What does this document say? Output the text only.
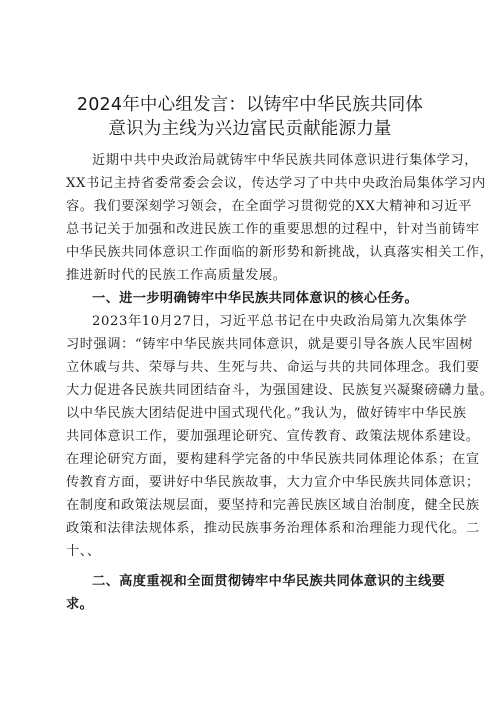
2024年中心组发言：以铸牢中华民族共同体
意识为主线为兴边富民贡献能源力量
近期中共中央政治局就铸牢中华民族共同体意识进行集体学习，
XX书记主持省委常委会会议，传达学习了中共中央政治局集体学习内
容。我们要深刻学习领会，在全面学习贯彻党的XX大精神和习近平
总书记关于加强和改进民族工作的重要思想的过程中，针对当前铸牢
中华民族共同体意识工作面临的新形势和新挑战，认真落实相关工作，
推进新时代的民族工作高质量发展。
一、进一步明确铸牢中华民族共同体意识的核心任务。
2023年10月27日，习近平总书记在中央政治局第九次集体学
习时强调：“铸牢中华民族共同体意识，就是要引导各族人民牢固树
立休戚与共、荣辱与共、生死与共、命运与共的共同体理念。我们要
大力促进各民族共同团结奋斗，为强国建设、民族复兴凝聚磅礴力量。
以中华民族大团结促进中国式现代化。”我认为，做好铸牢中华民族
共同体意识工作，要加强理论研究、宣传教育、政策法规体系建设。
在理论研究方面，要构建科学完备的中华民族共同体理论体系；在宣
传教育方面，要讲好中华民族故事，大力宣介中华民族共同体意识；
在制度和政策法规层面，要坚持和完善民族区域自治制度，健全民族
政策和法律法规体系，推动民族事务治理体系和治理能力现代化。二
十、、
二、高度重视和全面贯彻铸牢中华民族共同体意识的主线要
求。
